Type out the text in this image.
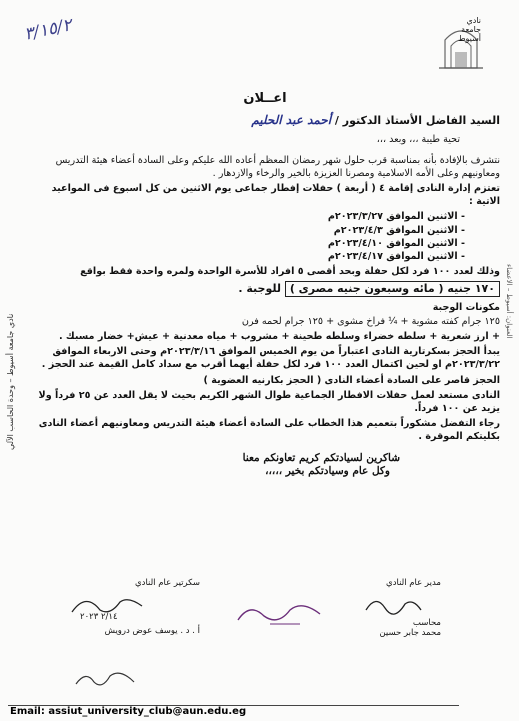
٣/١٥/٢	نادي
جامعة
أسيوط
نادي جامعة أسيوط – وحدة الحاسب الآلي
العنوان: أسيوط – الاعضاء
اعــلان
السيد الفاضل الأستاذ الدكتور / أحمد عبد الحليم
تحية طيبة ،،، وبعد ،،،

نتشرف بالإفادة بأنه بمناسبة قرب حلول شهر رمضان المعظم أعاده الله عليكم وعلى السادة أعضاء هيئة التدريس ومعاونيهم وعلى الأمه الاسلامية ومصرنا العزيزة بالخير والرخاء والازدهار .

تعتزم إدارة النادى إقامة ٤ ( أربعة ) حفلات إفطار جماعى يوم الاثنين من كل اسبوع فى المواعيد الاتية :

- الاثنين الموافق ٢٠٢٣/٣/٢٧م
- الاثنين الموافق ٢٠٢٣/٤/٣م
- الاثنين الموافق ٢٠٢٣/٤/١٠م
- الاثنين الموافق ٢٠٢٣/٤/١٧م

وذلك لعدد ١٠٠ فرد لكل حفلة وبحد أقصى ٥ افراد للأسرة الواحدة ولمره واحدة فقط بواقع

١٧٠ جنيه ( مائه وسبعون جنيه مصرى ) للوجبة .
مكونات الوجبة

١٢٥ جرام كفته مشوية + ¼ فراخ مشوى + ١٢٥ جرام لحمه فرن

+ ارز شعرية + سلطه خضراء وسلطه طحينة + مشروب + مياه معدنية + عيش+ خضار مسبك .

يبدأ الحجز بسكرتارية النادى اعتباراً من يوم الخميس الموافق ٢٠٢٣/٣/١٦م وحتى الاربعاء الموافق ٢٠٢٣/٣/٢٢م او لحين اكتمال العدد ١٠٠ فرد لكل حفلة أيهما أقرب مع سداد كامل القيمة عند الحجز .

الحجز قاصر على السادة أعضاء النادى ( الحجز بكارنيه العضوية )

النادى مستعد لعمل حفلات الافطار الجماعية طوال الشهر الكريم بحيث لا يقل العدد عن ٢٥ فرداً ولا يزيد عن ١٠٠ فرداً.

رجاء التفضل مشكوراً بتعميم هذا الخطاب على السادة أعضاء هيئة التدريس ومعاونيهم أعضاء النادى بكليتكم الموقرة .

شاكرين لسيادتكم كريم تعاونكم معنا
وكل عام وسيادتكم بخير ،،،،،
مدير عام النادي
محاسب
محمد جابر حسين
سكرتير عام النادي
٢/١٤ ٢٠٢٣
أ . د . يوسف عوض درويش
Email: assiut_university_club@aun.edu.eg
